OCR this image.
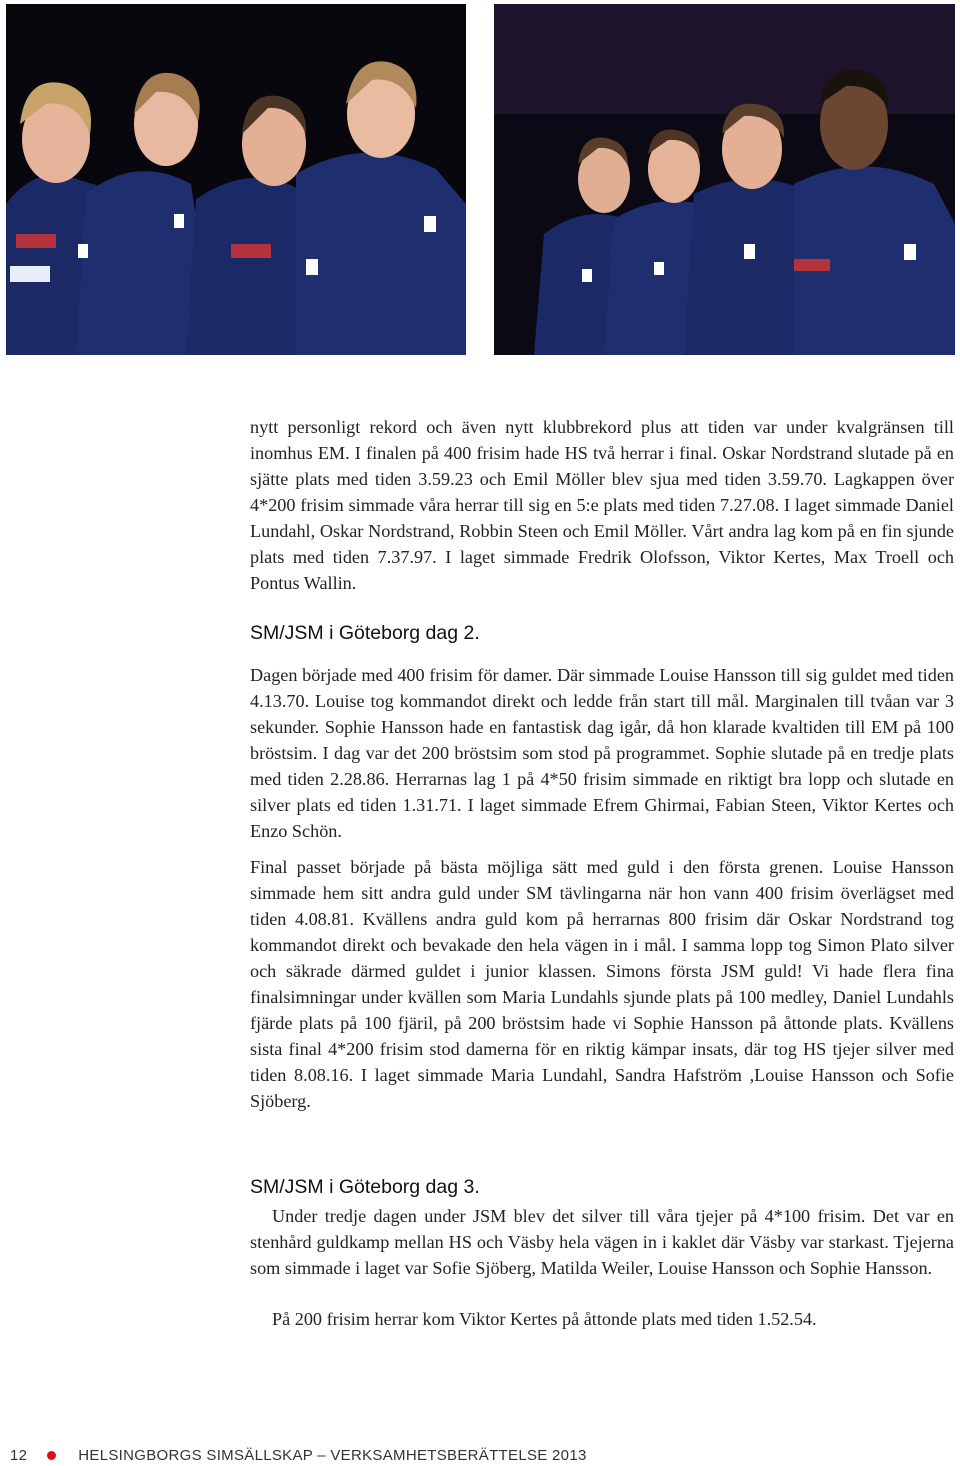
nytt personligt rekord och även nytt klubbrekord plus att tiden var under kvalgränsen till inomhus EM. I finalen på 400 frisim hade HS två herrar i final. Oskar Nordstrand slutade på en sjätte plats med tiden 3.59.23 och Emil Möller blev sjua med tiden 3.59.70. Lagkappen över 4*200 frisim simmade våra herrar till sig en 5:e plats med tiden 7.27.08. I laget simmade Daniel Lundahl, Oskar Nordstrand, Robbin Steen och Emil Möller. Vårt andra lag kom på en fin sjunde plats med tiden 7.37.97. I laget simmade Fredrik Olofsson, Viktor Kertes, Max Troell och Pontus Wallin.

SM/JSM i Göteborg dag 2.

Dagen började med 400 frisim för damer. Där simmade Louise Hansson till sig guldet med tiden 4.13.70. Louise tog kommandot direkt och ledde från start till mål. Marginalen till tvåan var 3 sekunder. Sophie Hansson hade en fantastisk dag igår, då hon klarade kvaltiden till EM på 100 bröstsim. I dag var det 200 bröstsim som stod på programmet. Sophie slutade på en tredje plats med tiden 2.28.86. Herrarnas lag 1 på 4*50 frisim simmade en riktigt bra lopp och slutade en silver plats ed tiden 1.31.71. I laget simmade Efrem Ghirmai, Fabian Steen, Viktor Kertes och Enzo Schön.

Final passet började på bästa möjliga sätt med guld i den första grenen. Louise Hansson simmade hem sitt andra guld under SM tävlingarna när hon vann 400 frisim överlägset med tiden 4.08.81. Kvällens andra guld kom på herrarnas 800 frisim där Oskar Nordstrand tog kommandot direkt och bevakade den hela vägen in i mål. I samma lopp tog Simon Plato silver och säkrade därmed guldet i junior klassen. Simons första JSM guld! Vi hade flera fina finalsimningar under kvällen som Maria Lundahls sjunde plats på 100 medley, Daniel Lundahls fjärde plats på 100 fjäril, på 200 bröstsim hade vi Sophie Hansson på åttonde plats. Kvällens sista final 4*200 frisim stod damerna för en riktig kämpar insats, där tog HS tjejer silver med tiden 8.08.16. I laget simmade Maria Lundahl, Sandra Hafström ,Louise Hansson och Sofie Sjöberg.

SM/JSM i Göteborg dag 3.

Under tredje dagen under JSM blev det silver till våra tjejer på 4*100 frisim. Det var en stenhård guldkamp mellan HS och Väsby hela vägen in i kaklet där Väsby var starkast. Tjejerna som simmade i laget var Sofie Sjöberg, Matilda Weiler, Louise Hansson och Sophie Hansson.

På 200 frisim herrar kom Viktor Kertes på åttonde plats med tiden 1.52.54.

12	HELSINGBORGS SIMSÄLLSKAP – VERKSAMHETSBERÄTTELSE 2013
